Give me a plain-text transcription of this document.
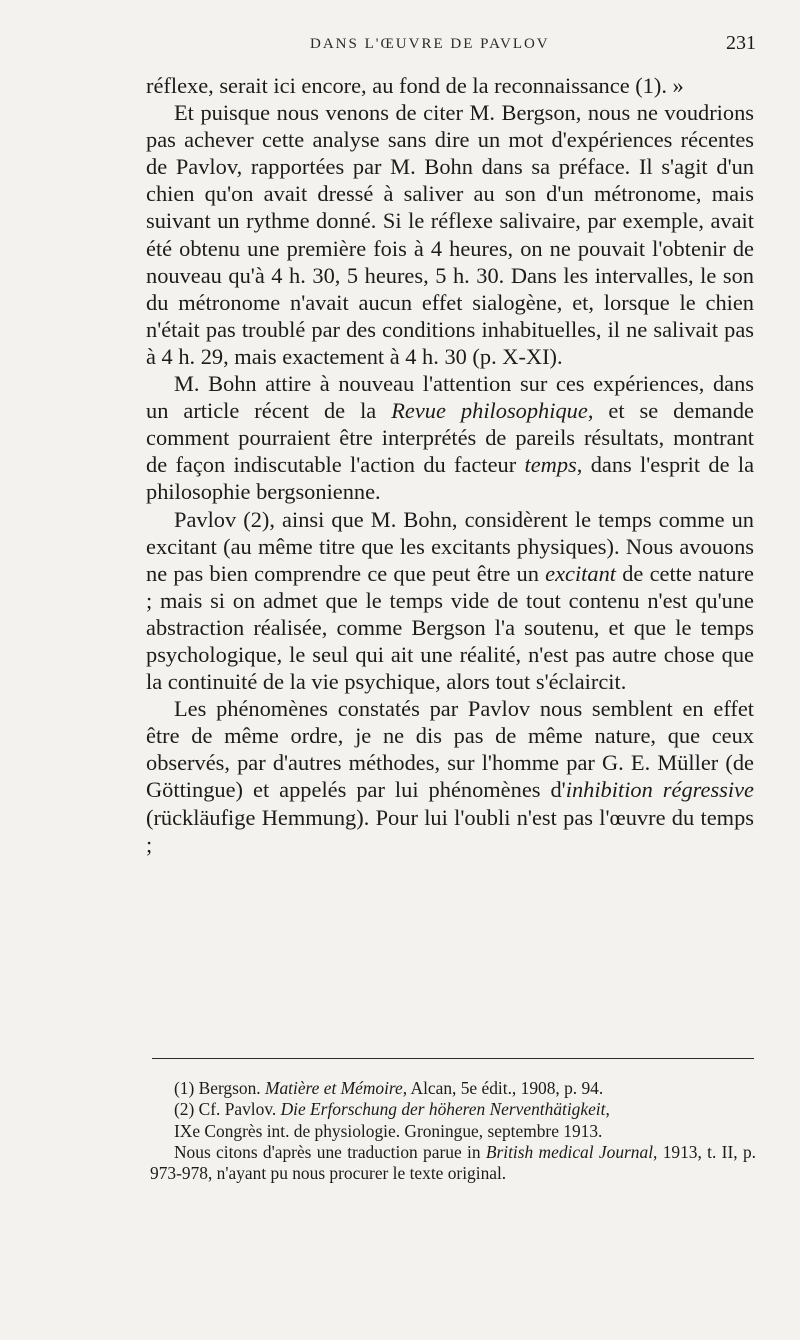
DANS L'ŒUVRE DE PAVLOV	231

réflexe, serait ici encore, au fond de la reconnaissance (1). »

Et puisque nous venons de citer M. Bergson, nous ne voudrions pas achever cette analyse sans dire un mot d'expériences récentes de Pavlov, rapportées par M. Bohn dans sa préface. Il s'agit d'un chien qu'on avait dressé à saliver au son d'un métronome, mais suivant un rythme donné. Si le réflexe salivaire, par exemple, avait été obtenu une première fois à 4 heures, on ne pouvait l'obtenir de nouveau qu'à 4 h. 30, 5 heures, 5 h. 30. Dans les intervalles, le son du métronome n'avait aucun effet sialogène, et, lorsque le chien n'était pas troublé par des conditions inhabituelles, il ne salivait pas à 4 h. 29, mais exactement à 4 h. 30 (p. X-XI).

M. Bohn attire à nouveau l'attention sur ces expériences, dans un article récent de la Revue philosophique, et se demande comment pourraient être interprétés de pareils résultats, montrant de façon indiscutable l'action du facteur temps, dans l'esprit de la philosophie bergsonienne.

Pavlov (2), ainsi que M. Bohn, considèrent le temps comme un excitant (au même titre que les excitants physiques). Nous avouons ne pas bien comprendre ce que peut être un excitant de cette nature ; mais si on admet que le temps vide de tout contenu n'est qu'une abstraction réalisée, comme Bergson l'a soutenu, et que le temps psychologique, le seul qui ait une réalité, n'est pas autre chose que la continuité de la vie psychique, alors tout s'éclaircit.

Les phénomènes constatés par Pavlov nous semblent en effet être de même ordre, je ne dis pas de même nature, que ceux observés, par d'autres méthodes, sur l'homme par G. E. Müller (de Göttingue) et appelés par lui phénomènes d'inhibition régressive (rückläufige Hemmung). Pour lui l'oubli n'est pas l'œuvre du temps ;

(1) Bergson. Matière et Mémoire, Alcan, 5e édit., 1908, p. 94.

(2) Cf. Pavlov. Die Erforschung der höheren Nerventhätigkeit,

IXe Congrès int. de physiologie. Groningue, septembre 1913.

Nous citons d'après une traduction parue in British medical Journal, 1913, t. II, p. 973-978, n'ayant pu nous procurer le texte original.
